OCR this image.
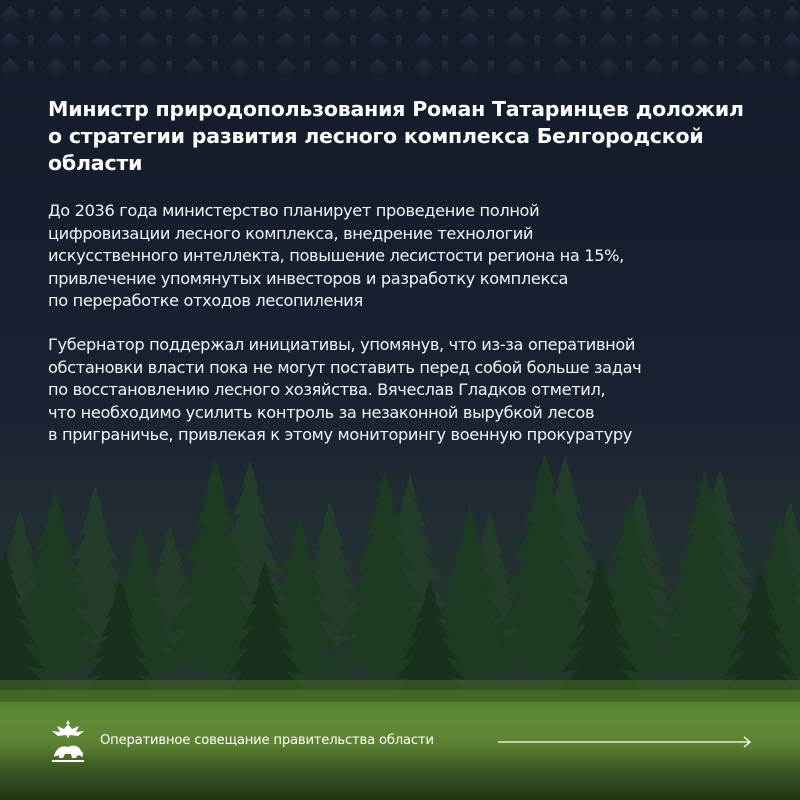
Министр природопользования Роман Татаринцев доложил о стратегии развития лесного комплекса Белгородской области

До 2036 года министерство планирует проведение полной
цифровизации лесного комплекса, внедрение технологий
искусственного интеллекта, повышение лесистости региона на 15%,
привлечение упомянутых инвесторов и разработку комплекса
по переработке отходов лесопиления

Губернатор поддержал инициативы, упомянув, что из-за оперативной
обстановки власти пока не могут поставить перед собой больше задач
по восстановлению лесного хозяйства. Вячеслав Гладков отметил,
что необходимо усилить контроль за незаконной вырубкой лесов
в приграничье, привлекая к этому мониторингу военную прокуратуру

Оперативное совещание правительства области
